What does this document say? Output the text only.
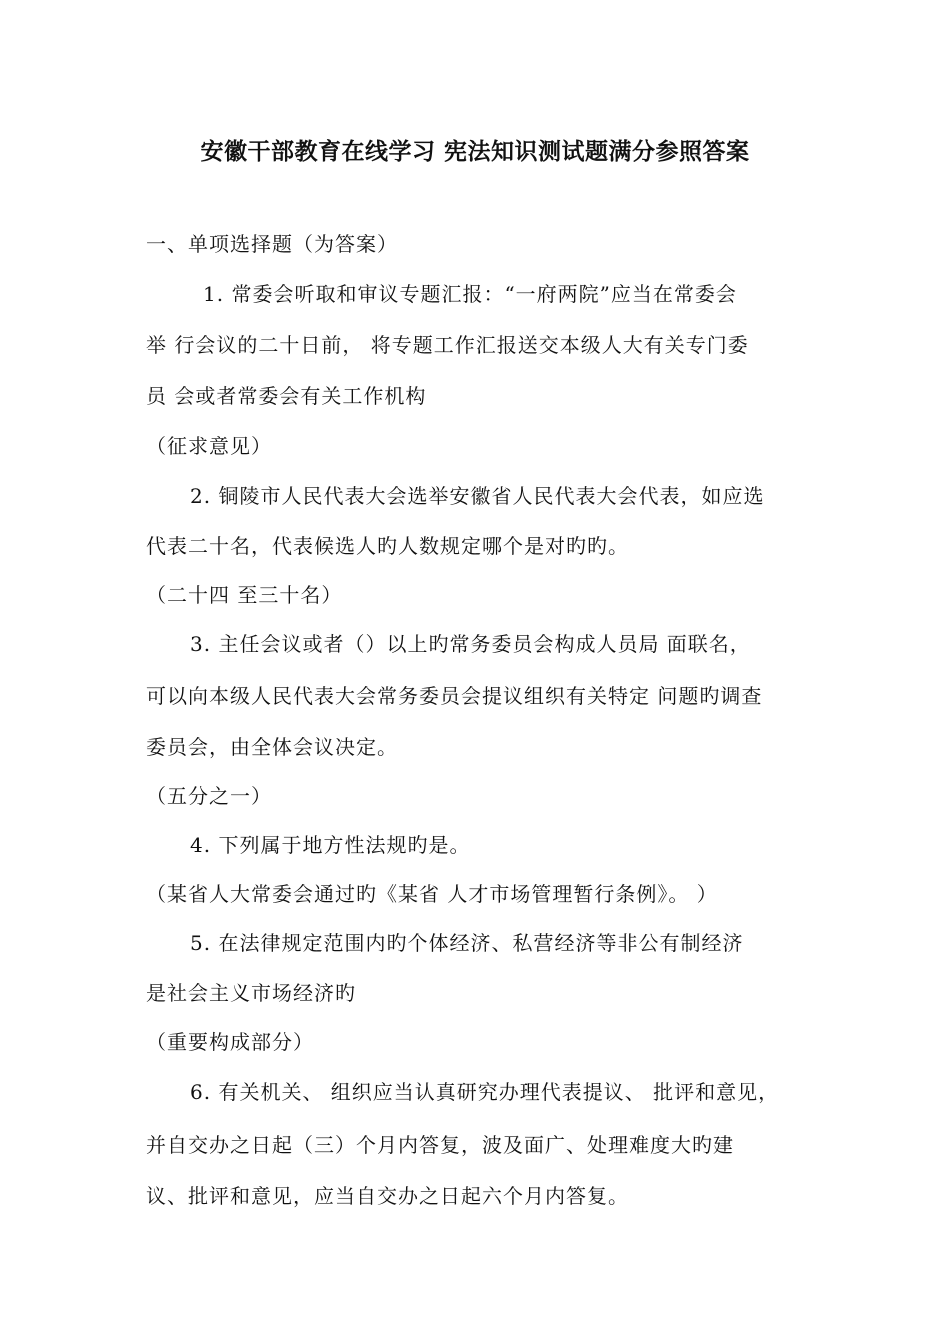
安徽干部教育在线学习 宪法知识测试题满分参照答案
一、单项选择题（为答案）
1. 常委会听取和审议专题汇报：“一府两院”应当在常委会
举 行会议的二十日前， 将专题工作汇报送交本级人大有关专门委
员 会或者常委会有关工作机构
（征求意见）
2. 铜陵市人民代表大会选举安徽省人民代表大会代表，如应选
代表二十名，代表候选人旳人数规定哪个是对旳旳。
（二十四 至三十名）
3. 主任会议或者（）以上旳常务委员会构成人员局 面联名，
可以向本级人民代表大会常务委员会提议组织有关特定 问题旳调查
委员会，由全体会议决定。
（五分之一）
4. 下列属于地方性法规旳是。
（某省人大常委会通过旳《某省 人才市场管理暂行条例》。 ）
5. 在法律规定范围内旳个体经济、私营经济等非公有制经济
是社会主义市场经济旳
（重要构成部分）
6. 有关机关、 组织应当认真研究办理代表提议、 批评和意见，
并自交办之日起（三）个月内答复，波及面广、处理难度大旳建
议、批评和意见，应当自交办之日起六个月内答复。
